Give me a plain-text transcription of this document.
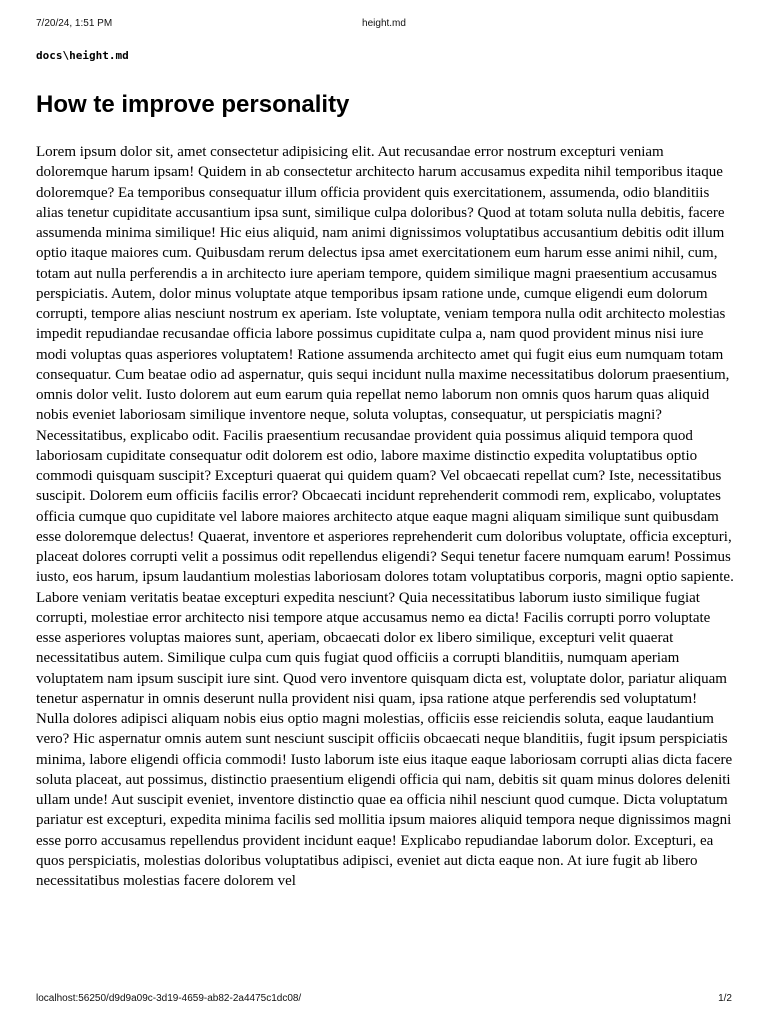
7/20/24, 1:51 PM	height.md
docs\height.md
How te improve personality

Lorem ipsum dolor sit, amet consectetur adipisicing elit. Aut recusandae error nostrum excepturi veniam doloremque harum ipsam! Quidem in ab consectetur architecto harum accusamus expedita nihil temporibus itaque doloremque? Ea temporibus consequatur illum officia provident quis exercitationem, assumenda, odio blanditiis alias tenetur cupiditate accusantium ipsa sunt, similique culpa doloribus? Quod at totam soluta nulla debitis, facere assumenda minima similique! Hic eius aliquid, nam animi dignissimos voluptatibus accusantium debitis odit illum optio itaque maiores cum. Quibusdam rerum delectus ipsa amet exercitationem eum harum esse animi nihil, cum, totam aut nulla perferendis a in architecto iure aperiam tempore, quidem similique magni praesentium accusamus perspiciatis. Autem, dolor minus voluptate atque temporibus ipsam ratione unde, cumque eligendi eum dolorum corrupti, tempore alias nesciunt nostrum ex aperiam. Iste voluptate, veniam tempora nulla odit architecto molestias impedit repudiandae recusandae officia labore possimus cupiditate culpa a, nam quod provident minus nisi iure modi voluptas quas asperiores voluptatem! Ratione assumenda architecto amet qui fugit eius eum numquam totam consequatur. Cum beatae odio ad aspernatur, quis sequi incidunt nulla maxime necessitatibus dolorum praesentium, omnis dolor velit. Iusto dolorem aut eum earum quia repellat nemo laborum non omnis quos harum quas aliquid nobis eveniet laboriosam similique inventore neque, soluta voluptas, consequatur, ut perspiciatis magni? Necessitatibus, explicabo odit. Facilis praesentium recusandae provident quia possimus aliquid tempora quod laboriosam cupiditate consequatur odit dolorem est odio, labore maxime distinctio expedita voluptatibus optio commodi quisquam suscipit? Excepturi quaerat qui quidem quam? Vel obcaecati repellat cum? Iste, necessitatibus suscipit. Dolorem eum officiis facilis error? Obcaecati incidunt reprehenderit commodi rem, explicabo, voluptates officia cumque quo cupiditate vel labore maiores architecto atque eaque magni aliquam similique sunt quibusdam esse doloremque delectus! Quaerat, inventore et asperiores reprehenderit cum doloribus voluptate, officia excepturi, placeat dolores corrupti velit a possimus odit repellendus eligendi? Sequi tenetur facere numquam earum! Possimus iusto, eos harum, ipsum laudantium molestias laboriosam dolores totam voluptatibus corporis, magni optio sapiente. Labore veniam veritatis beatae excepturi expedita nesciunt? Quia necessitatibus laborum iusto similique fugiat corrupti, molestiae error architecto nisi tempore atque accusamus nemo ea dicta! Facilis corrupti porro voluptate esse asperiores voluptas maiores sunt, aperiam, obcaecati dolor ex libero similique, excepturi velit quaerat necessitatibus autem. Similique culpa cum quis fugiat quod officiis a corrupti blanditiis, numquam aperiam voluptatem nam ipsum suscipit iure sint. Quod vero inventore quisquam dicta est, voluptate dolor, pariatur aliquam tenetur aspernatur in omnis deserunt nulla provident nisi quam, ipsa ratione atque perferendis sed voluptatum! Nulla dolores adipisci aliquam nobis eius optio magni molestias, officiis esse reiciendis soluta, eaque laudantium vero? Hic aspernatur omnis autem sunt nesciunt suscipit officiis obcaecati neque blanditiis, fugit ipsum perspiciatis minima, labore eligendi officia commodi! Iusto laborum iste eius itaque eaque laboriosam corrupti alias dicta facere soluta placeat, aut possimus, distinctio praesentium eligendi officia qui nam, debitis sit quam minus dolores deleniti ullam unde! Aut suscipit eveniet, inventore distinctio quae ea officia nihil nesciunt quod cumque. Dicta voluptatum pariatur est excepturi, expedita minima facilis sed mollitia ipsum maiores aliquid tempora neque dignissimos magni esse porro accusamus repellendus provident incidunt eaque! Explicabo repudiandae laborum dolor. Excepturi, ea quos perspiciatis, molestias doloribus voluptatibus adipisci, eveniet aut dicta eaque non. At iure fugit ab libero necessitatibus molestias facere dolorem vel

localhost:56250/d9d9a09c-3d19-4659-ab82-2a4475c1dc08/	1/2
